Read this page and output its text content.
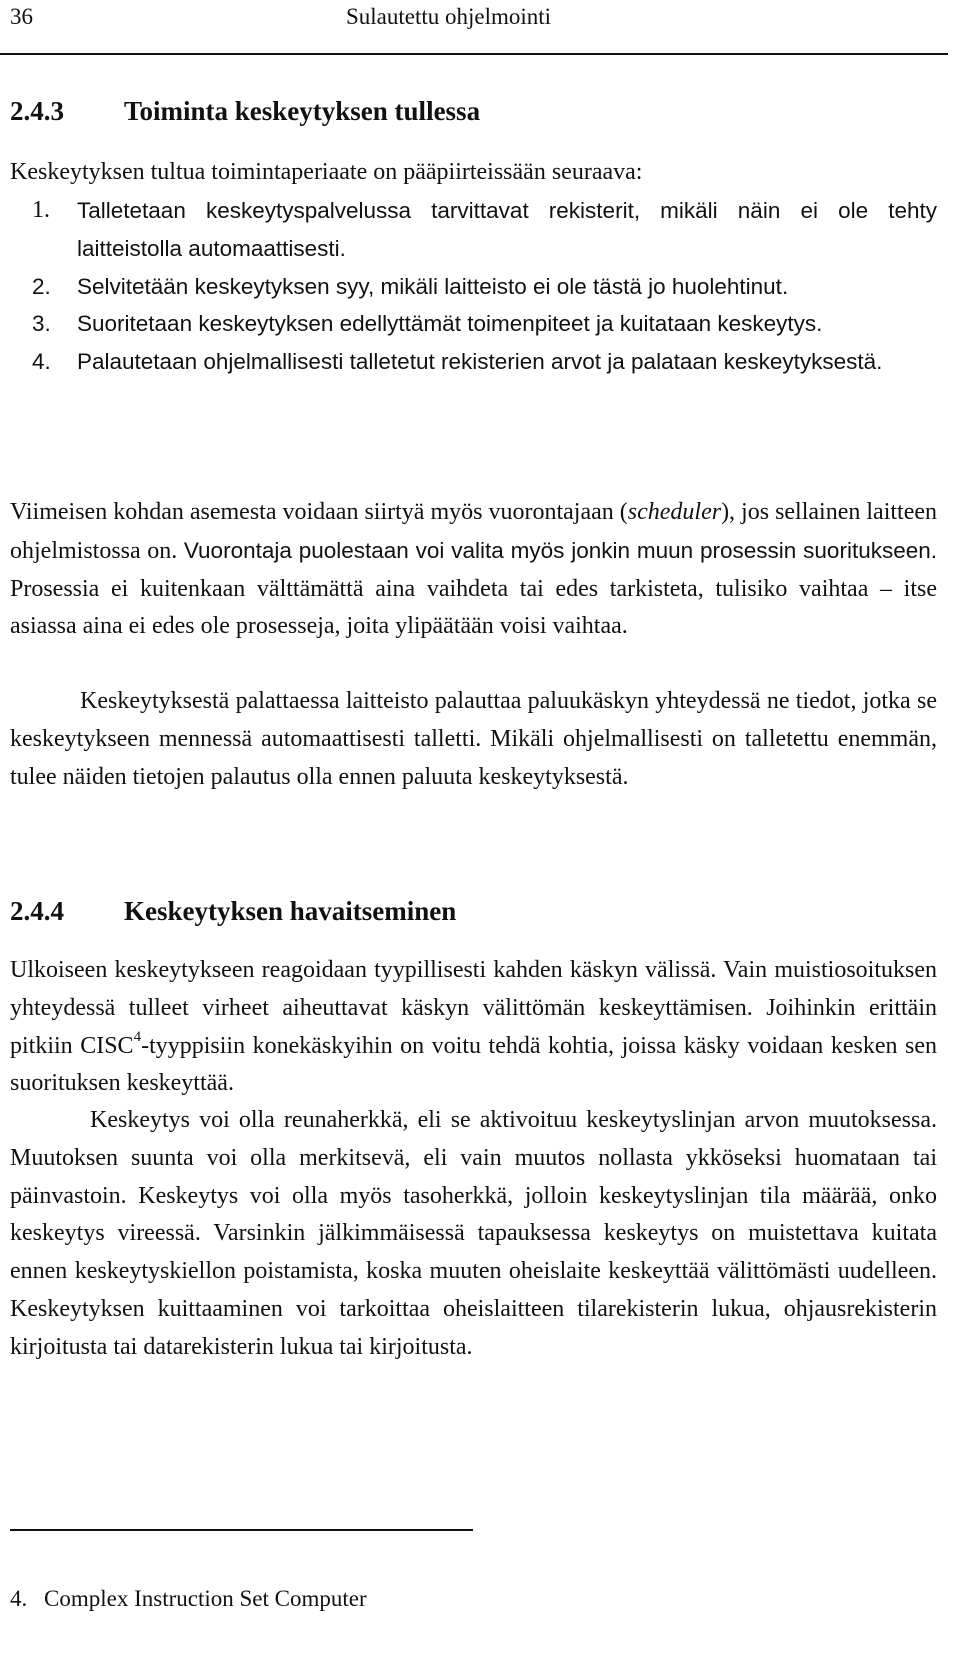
36	Sulautettu ohjelmointi
2.4.3 Toiminta keskeytyksen tullessa
Keskeytyksen tultua toimintaperiaate on pääpiirteissään seuraava:
1. Talletetaan keskeytyspalvelussa tarvittavat rekisterit, mikäli näin ei ole tehty laitteistolla automaattisesti.
2. Selvitetään keskeytyksen syy, mikäli laitteisto ei ole tästä jo huolehtinut.
3. Suoritetaan keskeytyksen edellyttämät toimenpiteet ja kuitataan keskeytys.
4. Palautetaan ohjelmallisesti talletetut rekisterien arvot ja palataan keskeytyksestä.
Viimeisen kohdan asemesta voidaan siirtyä myös vuorontajaan (scheduler), jos sellainen laitteen ohjelmistossa on. Vuorontaja puolestaan voi valita myös jonkin muun prosessin suoritukseen. Prosessia ei kuitenkaan välttämättä aina vaihdeta tai edes tarkisteta, tulisiko vaihtaa – itse asiassa aina ei edes ole prosesseja, joita ylipäätään voisi vaihtaa.
Keskeytyksestä palattaessa laitteisto palauttaa paluukäskyn yhteydessä ne tiedot, jotka se keskeytykseen mennessä automaattisesti talletti. Mikäli ohjelmallisesti on talletettu enemmän, tulee näiden tietojen palautus olla ennen paluuta keskeytyksestä.
2.4.4 Keskeytyksen havaitseminen
Ulkoiseen keskeytykseen reagoidaan tyypillisesti kahden käskyn välissä. Vain muistiosoituksen yhteydessä tulleet virheet aiheuttavat käskyn välittömän keskeyttämisen. Joihinkin erittäin pitkiin CISC$^4$-tyyppisiin konekäskyihin on voitu tehdä kohtia, joissa käsky voidaan kesken sen suorituksen keskeyttää.
Keskeytys voi olla reunaherkkä, eli se aktivoituu keskeytyslinjan arvon muutoksessa. Muutoksen suunta voi olla merkitsevä, eli vain muutos nollasta ykköseksi huomataan tai päinvastoin. Keskeytys voi olla myös tasoherkkä, jolloin keskeytyslinjan tila määrää, onko keskeytys vireessä. Varsinkin jälkimmäisessä tapauksessa keskeytys on muistettava kuitata ennen keskeytyskiellon poistamista, koska muuten oheislaite keskeyttää välittömästi uudelleen. Keskeytyksen kuittaaminen voi tarkoittaa oheislaitteen tilarekisterin lukua, ohjausrekisterin kirjoitusta tai datarekisterin lukua tai kirjoitusta.
4. Complex Instruction Set Computer
